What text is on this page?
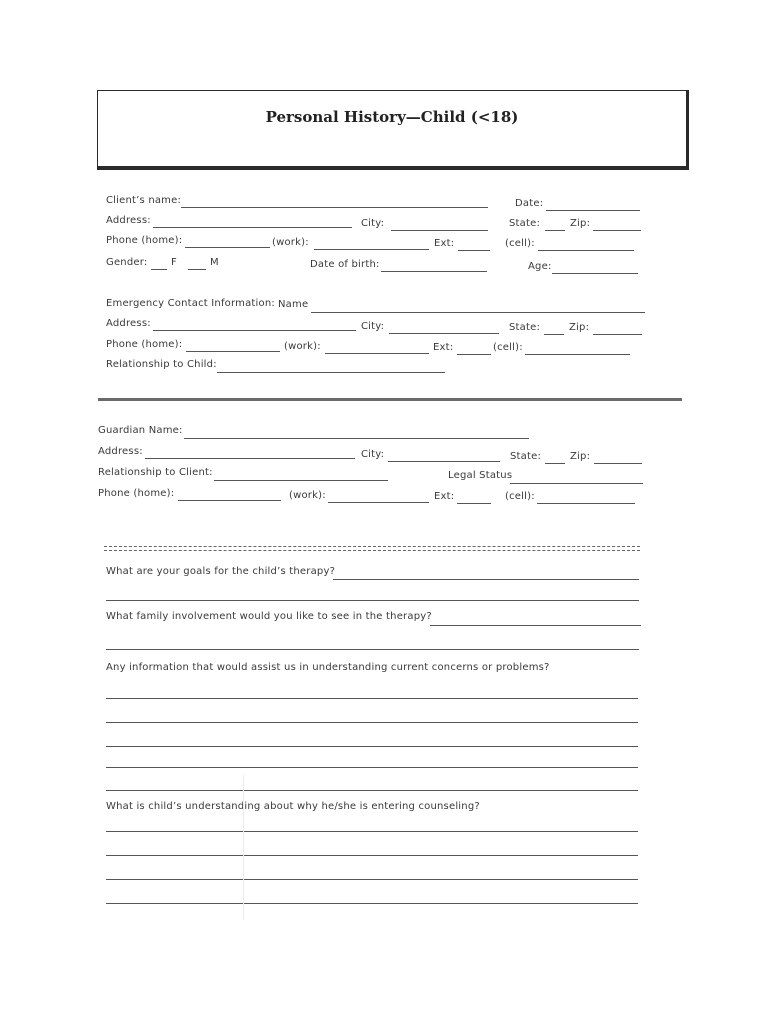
Personal History—Child (<18)
Client’s name:	Date:
Address:	City:	State:	Zip:
Phone (home):	(work):	Ext:	(cell):
Gender: F	M	Date of birth:	Age:
Emergency Contact Information: Name
Address:	City:	State:	Zip:
Phone (home):	(work):	Ext:	(cell):
Relationship to Child:
Guardian Name:
Address:	City:	State:	Zip:
Relationship to Client:	Legal Status
Phone (home):	(work):	Ext:	(cell):
What are your goals for the child’s therapy?
What family involvement would you like to see in the therapy?
Any information that would assist us in understanding current concerns or problems?
What is child’s understanding about why he/she is entering counseling?
